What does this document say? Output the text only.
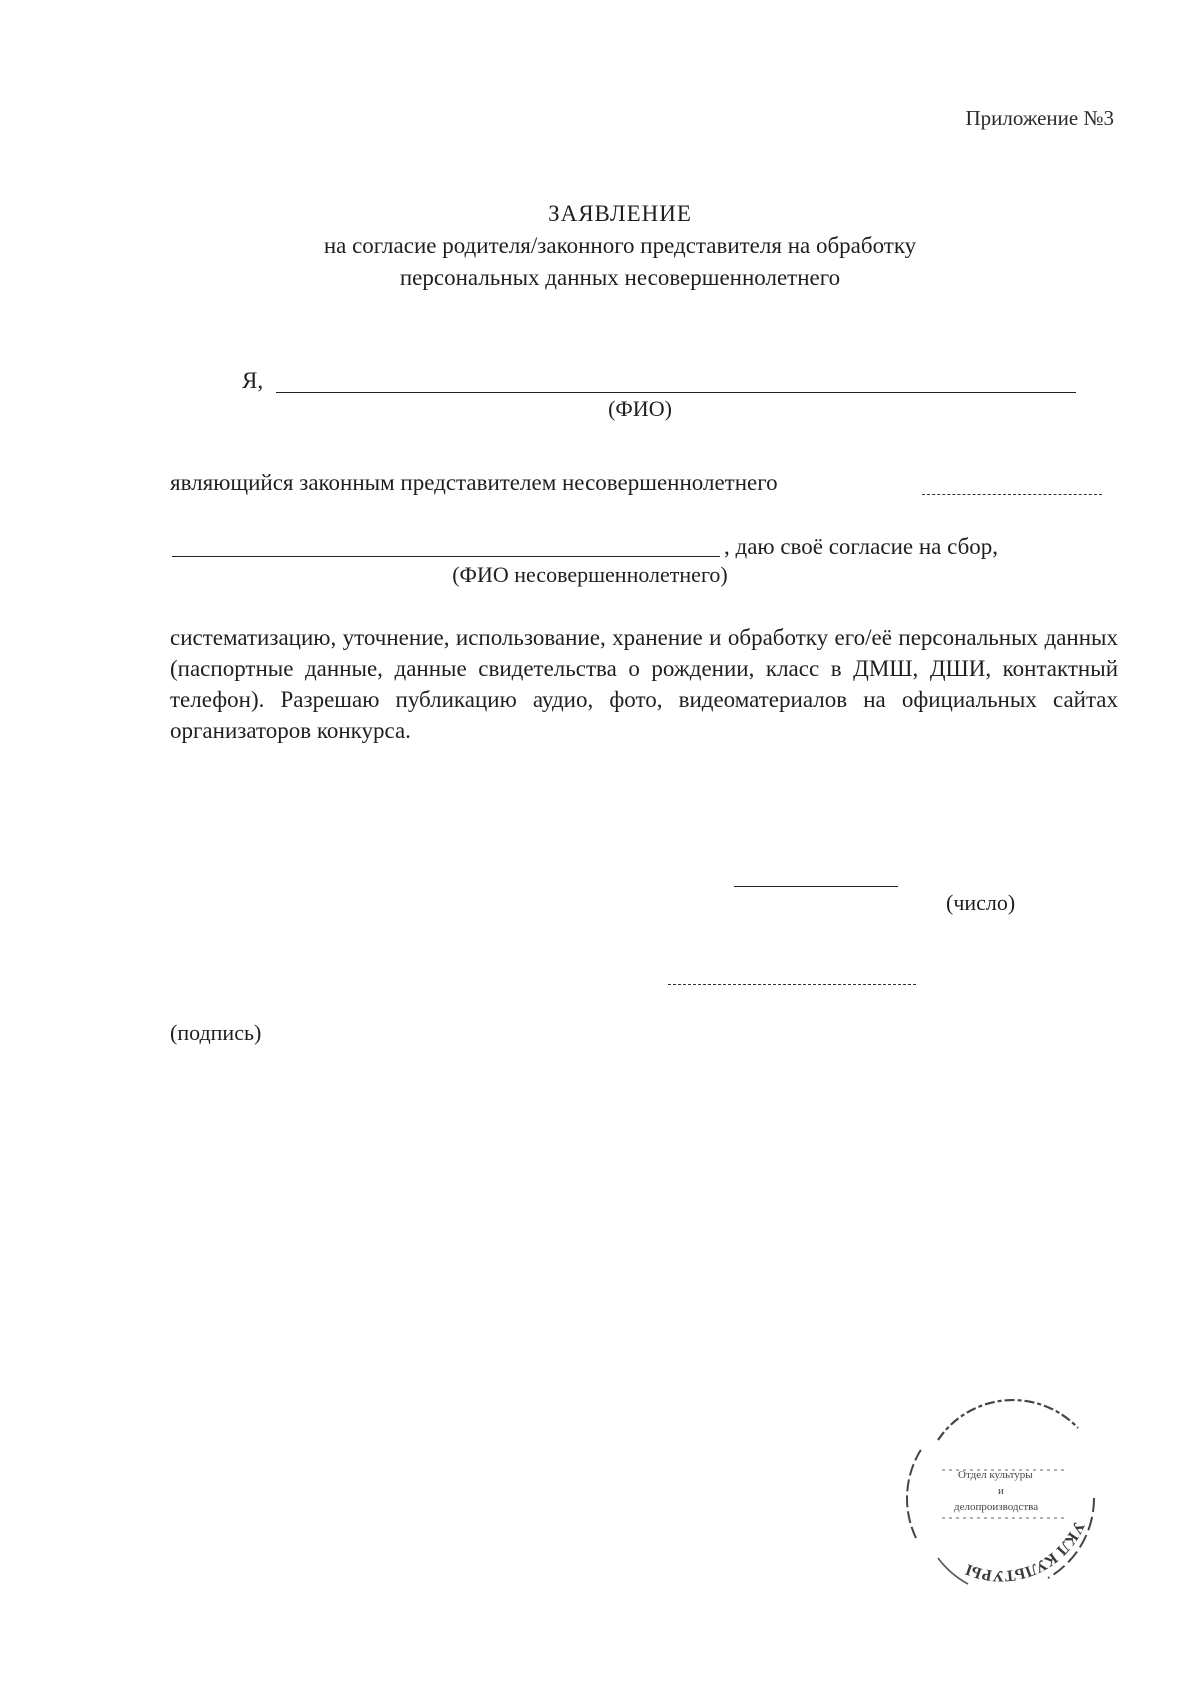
Приложение №3
ЗАЯВЛЕНИЕ
на согласие родителя/законного представителя на обработку
персональных данных несовершеннолетнего
Я,
(ФИО)
являющийся законным представителем несовершеннолетнего
, даю своё согласие на сбор,
(ФИО несовершеннолетнего)
систематизацию, уточнение, использование, хранение и обработку его/её персональных данных (паспортные данные, данные свидетельства о рождении, класс в ДМШ, ДШИ, контактный телефон). Разрешаю публикацию аудио, фото, видеоматериалов на официальных сайтах организаторов конкурса.
(число)
(подпись)
УКЛ КУЛЬТУРЫ
Отдел культуры
и
делопроизводства
